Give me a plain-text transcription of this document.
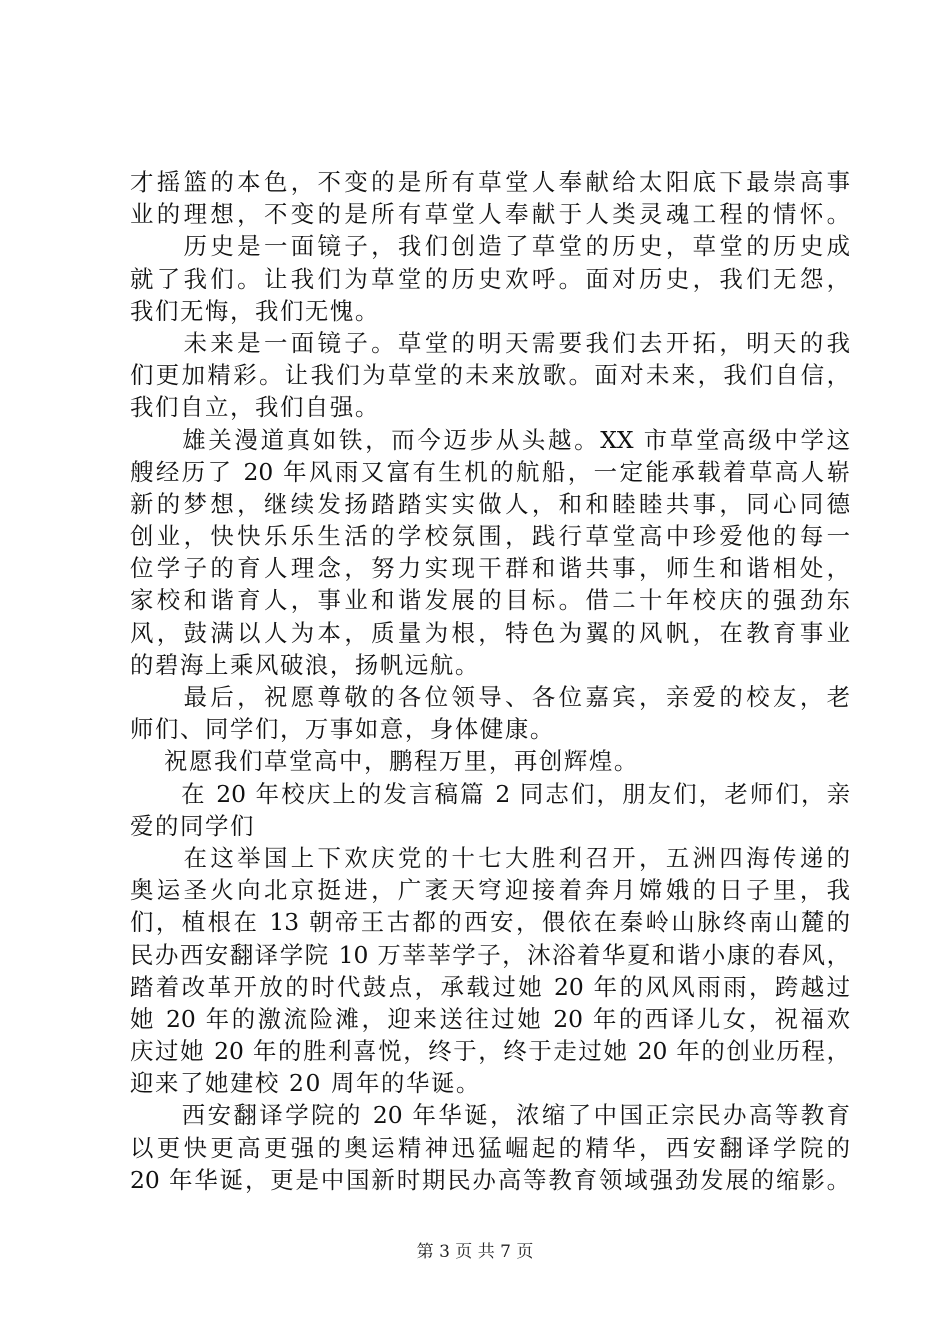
才摇篮的本色，不变的是所有草堂人奉献给太阳底下最崇高事
业的理想，不变的是所有草堂人奉献于人类灵魂工程的情怀。
　　历史是一面镜子，我们创造了草堂的历史，草堂的历史成
就了我们。让我们为草堂的历史欢呼。面对历史，我们无怨，
我们无悔，我们无愧。
　　未来是一面镜子。草堂的明天需要我们去开拓，明天的我
们更加精彩。让我们为草堂的未来放歌。面对未来，我们自信，
我们自立，我们自强。
　　雄关漫道真如铁，而今迈步从头越。XX 市草堂高级中学这
艘经历了 20 年风雨又富有生机的航船，一定能承载着草高人崭
新的梦想，继续发扬踏踏实实做人，和和睦睦共事，同心同德
创业，快快乐乐生活的学校氛围，践行草堂高中珍爱他的每一
位学子的育人理念，努力实现干群和谐共事，师生和谐相处，
家校和谐育人，事业和谐发展的目标。借二十年校庆的强劲东
风，鼓满以人为本，质量为根，特色为翼的风帆，在教育事业
的碧海上乘风破浪，扬帆远航。
　　最后，祝愿尊敬的各位领导、各位嘉宾，亲爱的校友，老
师们、同学们，万事如意，身体健康。
　 祝愿我们草堂高中，鹏程万里，再创辉煌。
　　在 20 年校庆上的发言稿篇 2 同志们，朋友们，老师们，亲
爱的同学们
　　在这举国上下欢庆党的十七大胜利召开，五洲四海传递的
奥运圣火向北京挺进，广袤天穹迎接着奔月嫦娥的日子里，我
们，植根在 13 朝帝王古都的西安，偎依在秦岭山脉终南山麓的
民办西安翻译学院 10 万莘莘学子，沐浴着华夏和谐小康的春风，
踏着改革开放的时代鼓点，承载过她 20 年的风风雨雨，跨越过
她 20 年的激流险滩，迎来送往过她 20 年的西译儿女，祝福欢
庆过她 20 年的胜利喜悦，终于，终于走过她 20 年的创业历程，
迎来了她建校 20 周年的华诞。
　　西安翻译学院的 20 年华诞，浓缩了中国正宗民办高等教育
以更快更高更强的奥运精神迅猛崛起的精华，西安翻译学院的
20 年华诞，更是中国新时期民办高等教育领域强劲发展的缩影。
第 3 页 共 7 页
